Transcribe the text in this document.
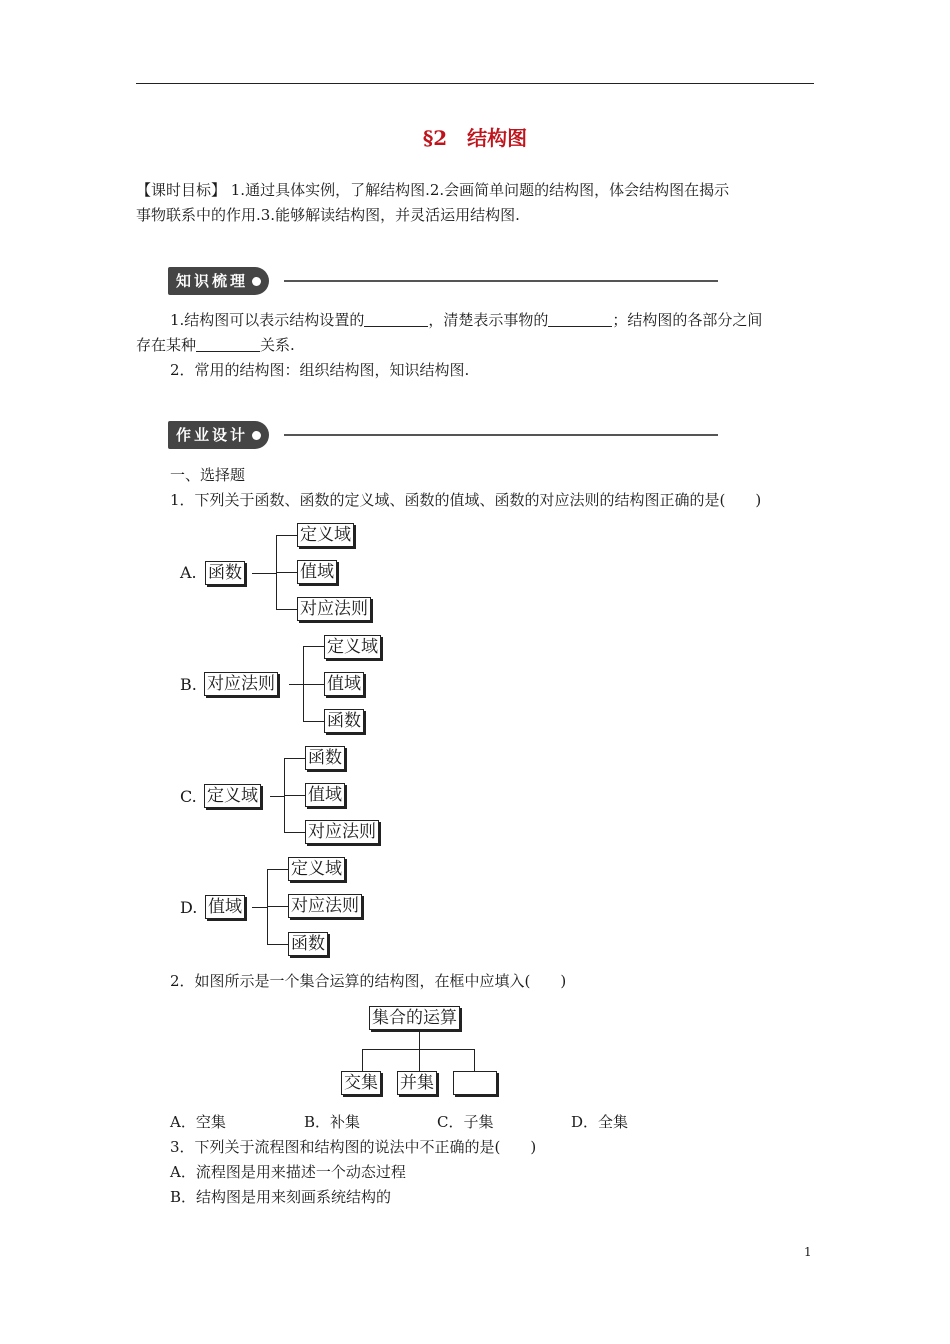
§2　结构图
【课时目标】 1.通过具体实例，了解结构图.2.会画简单问题的结构图，体会结构图在揭示
事物联系中的作用.3.能够解读结构图，并灵活运用结构图.
知识梳理
1.结构图可以表示结构设置的	，清楚表示事物的	；结构图的各部分之间
存在某种	关系.
2．常用的结构图：组织结构图，知识结构图.
作业设计
一、选择题
1．下列关于函数、函数的定义域、函数的值域、函数的对应法则的结构图正确的是(　　)
A. 函数
定义域
值域
对应法则
B. 对应法则
定义域
值域
函数
C. 定义域
函数
值域
对应法则
D. 值域
定义域
对应法则
函数
2．如图所示是一个集合运算的结构图，在框中应填入(　　)
集合的运算
交集 并集
A．空集	B．补集	C．子集	D．全集
3．下列关于流程图和结构图的说法中不正确的是(　　)
A．流程图是用来描述一个动态过程
B．结构图是用来刻画系统结构的
1
